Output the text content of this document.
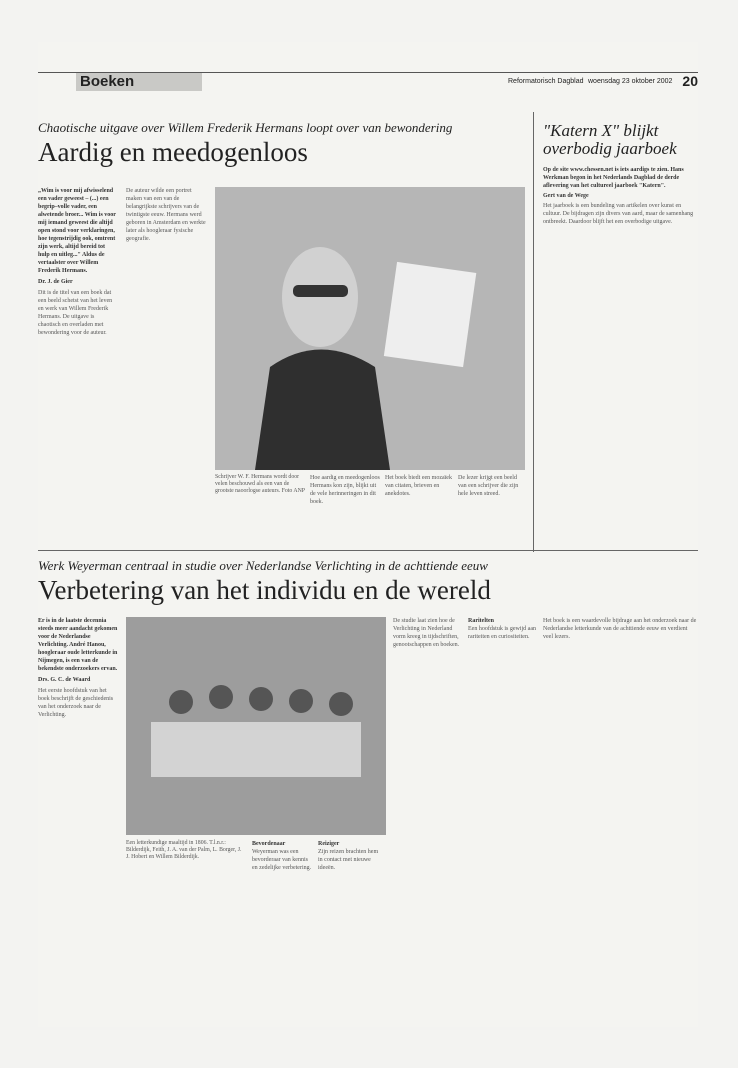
Boeken	Reformatorisch Dagblad woensdag 23 oktober 2002 20
Chaotische uitgave over Willem Frederik Hermans loopt over van bewondering
Aardig en meedogenloos
„Wim is voor mij afwisselend een vader geweest – (...) een begrip–volle vader, een alwetende broer... Wim is voor mij iemand geweest die altijd open stond voor verklaringen, hoe tegenstrijdig ook, omtrent zijn werk, altijd bereid tot hulp en uitleg..." Aldus de vertaalster over Willem Frederik Hermans.
Dr. J. de Gier
Dit is de titel van een boek dat een beeld schetst van het leven en werk van Willem Frederik Hermans. De uitgave is chaotisch en overladen met bewondering voor de auteur.
De auteur wilde een portret maken van een van de belangrijkste schrijvers van de twintigste eeuw. Hermans werd geboren in Amsterdam en werkte later als hoogleraar fysische geografie.
Schrijver W. F. Hermans wordt door velen beschouwd als een van de grootste naoorlogse auteurs. Foto ANP
Hoe aardig en meedogenloos Hermans kon zijn, blijkt uit de vele herinneringen in dit boek.
Het boek biedt een mozaïek van citaten, brieven en anekdotes.
De lezer krijgt een beeld van een schrijver die zijn hele leven streed.
"Katern X" blijkt overbodig jaarboek
Op de site www.chessen.net is iets aardigs te zien. Hans Werkman begon in het Nederlands Dagblad de derde aflevering van het cultureel jaarboek "Katern".
Gert van de Wege
Het jaarboek is een bundeling van artikelen over kunst en cultuur. De bijdragen zijn divers van aard, maar de samenhang ontbreekt. Daardoor blijft het een overbodige uitgave.
Werk Weyerman centraal in studie over Nederlandse Verlichting in de achttiende eeuw
Verbetering van het individu en de wereld
Er is in de laatste decennia steeds meer aandacht gekomen voor de Nederlandse Verlichting. André Hanou, hoogleraar oude letterkunde in Nijmegen, is een van de bekendste onderzoekers ervan.
Drs. G. C. de Waard
Het eerste hoofdstuk van het boek beschrijft de geschiedenis van het onderzoek naar de Verlichting.
Een letterkundige maaltijd in 1806. T.l.n.r.: Bilderdijk, Feith, J. A. van der Palm, L. Borger, J. J. Hobert en Willem Bilderdijk.
Bevordenaar
Weyerman was een bevorderaar van kennis en zedelijke verbetering.
Reiziger
Zijn reizen brachten hem in contact met nieuwe ideeën.
De studie laat zien hoe de Verlichting in Nederland vorm kreeg in tijdschriften, genootschappen en boeken.
Raritelten
Een hoofdstuk is gewijd aan rariteiten en curiositeiten.
Het boek is een waardevolle bijdrage aan het onderzoek naar de Nederlandse letterkunde van de achttiende eeuw en verdient veel lezers.
